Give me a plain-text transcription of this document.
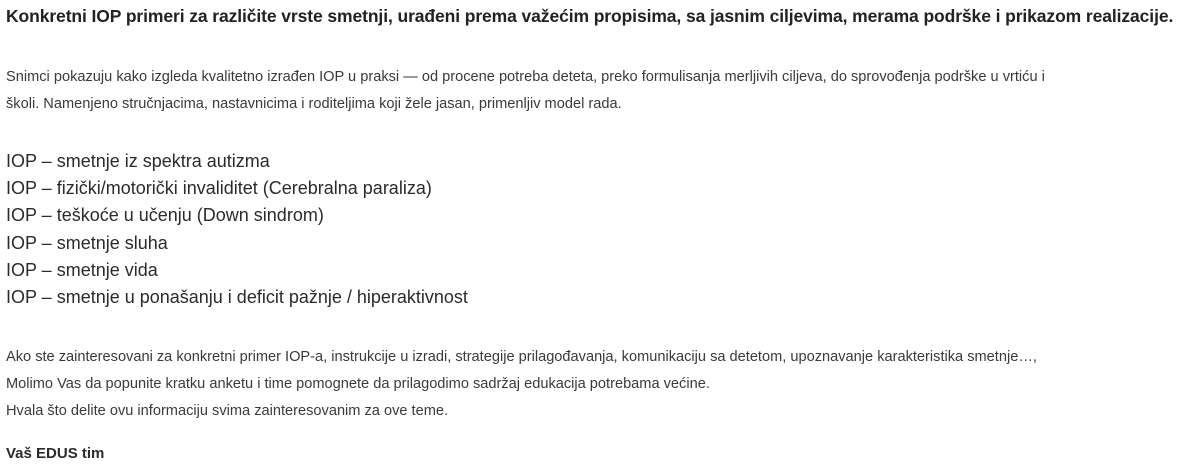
Konkretni IOP primeri za različite vrste smetnji, urađeni prema važećim propisima, sa jasnim ciljevima, merama podrške i prikazom realizacije.

Snimci pokazuju kako izgleda kvalitetno izrađen IOP u praksi — od procene potreba deteta, preko formulisanja merljivih ciljeva, do sprovođenja podrške u vrtiću i

školi. Namenjeno stručnjacima, nastavnicima i roditeljima koji žele jasan, primenljiv model rada.

IOP – smetnje iz spektra autizma
IOP – fizički/motorički invaliditet (Cerebralna paraliza)
IOP – teškoće u učenju (Down sindrom)
IOP – smetnje sluha
IOP – smetnje vida
IOP – smetnje u ponašanju i deficit pažnje / hiperaktivnost

Ako ste zainteresovani za konkretni primer IOP-a, instrukcije u izradi, strategije prilagođavanja, komunikaciju sa detetom, upoznavanje karakteristika smetnje…,

Molimo Vas da popunite kratku anketu i time pomognete da prilagodimo sadržaj edukacija potrebama većine.

Hvala što delite ovu informaciju svima zainteresovanim za ove teme.

Vaš EDUS tim
